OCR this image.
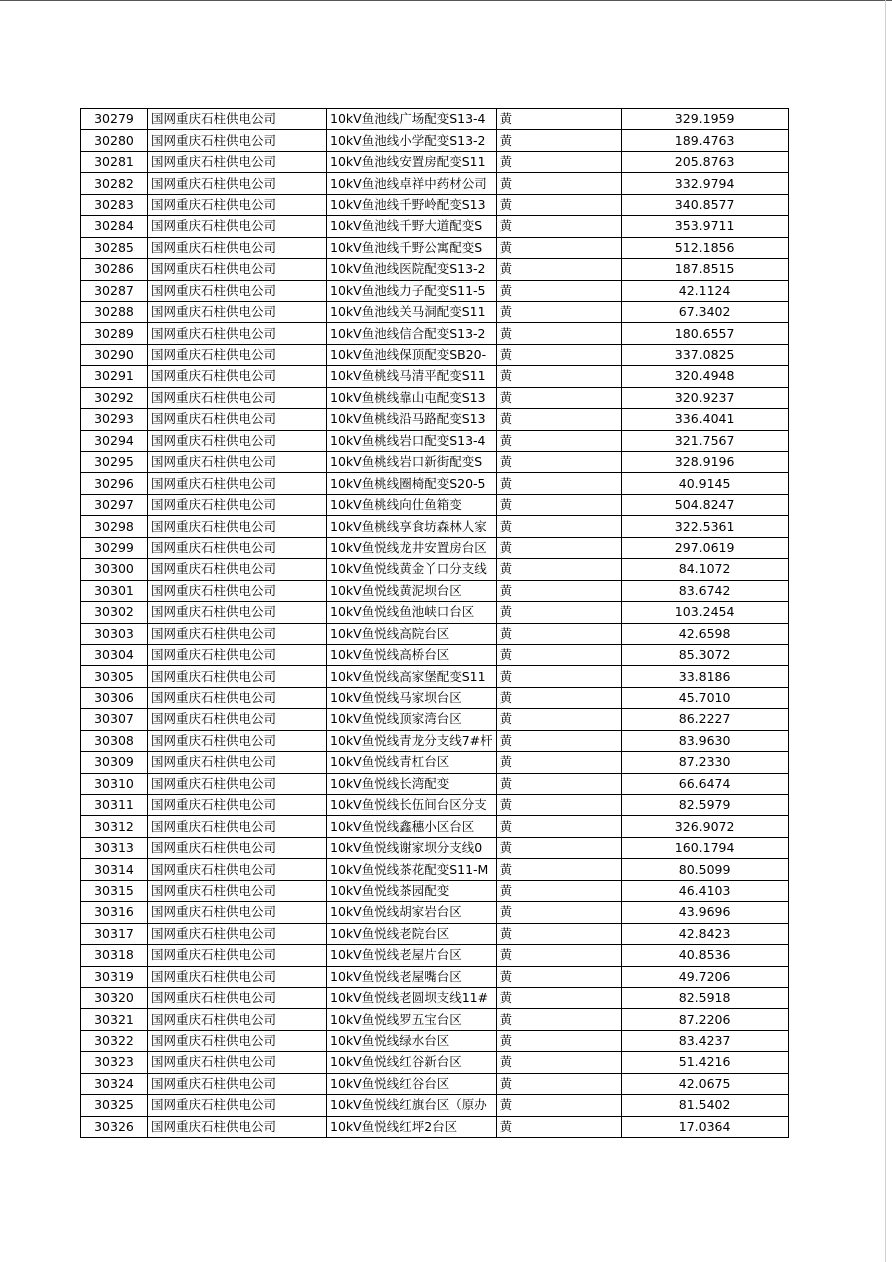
30279	国网重庆石柱供电公司	10kV鱼池线广场配变S13-4	黄	329.1959
30280	国网重庆石柱供电公司	10kV鱼池线小学配变S13-2	黄	189.4763
30281	国网重庆石柱供电公司	10kV鱼池线安置房配变S11	黄	205.8763
30282	国网重庆石柱供电公司	10kV鱼池线卓祥中药材公司	黄	332.9794
30283	国网重庆石柱供电公司	10kV鱼池线千野岭配变S13	黄	340.8577
30284	国网重庆石柱供电公司	10kV鱼池线千野大道配变S	黄	353.9711
30285	国网重庆石柱供电公司	10kV鱼池线千野公寓配变S	黄	512.1856
30286	国网重庆石柱供电公司	10kV鱼池线医院配变S13-2	黄	187.8515
30287	国网重庆石柱供电公司	10kV鱼池线力子配变S11-5	黄	42.1124
30288	国网重庆石柱供电公司	10kV鱼池线关马洞配变S11	黄	67.3402
30289	国网重庆石柱供电公司	10kV鱼池线信合配变S13-2	黄	180.6557
30290	国网重庆石柱供电公司	10kV鱼池线保顶配变SB20-	黄	337.0825
30291	国网重庆石柱供电公司	10kV鱼桃线马清平配变S11	黄	320.4948
30292	国网重庆石柱供电公司	10kV鱼桃线靠山屯配变S13	黄	320.9237
30293	国网重庆石柱供电公司	10kV鱼桃线沿马路配变S13	黄	336.4041
30294	国网重庆石柱供电公司	10kV鱼桃线岩口配变S13-4	黄	321.7567
30295	国网重庆石柱供电公司	10kV鱼桃线岩口新街配变S	黄	328.9196
30296	国网重庆石柱供电公司	10kV鱼桃线圈椅配变S20-5	黄	40.9145
30297	国网重庆石柱供电公司	10kV鱼桃线向仕鱼箱变	黄	504.8247
30298	国网重庆石柱供电公司	10kV鱼桃线享食坊森林人家	黄	322.5361
30299	国网重庆石柱供电公司	10kV鱼悦线龙井安置房台区	黄	297.0619
30300	国网重庆石柱供电公司	10kV鱼悦线黄金丫口分支线	黄	84.1072
30301	国网重庆石柱供电公司	10kV鱼悦线黄泥坝台区	黄	83.6742
30302	国网重庆石柱供电公司	10kV鱼悦线鱼池峡口台区	黄	103.2454
30303	国网重庆石柱供电公司	10kV鱼悦线高院台区	黄	42.6598
30304	国网重庆石柱供电公司	10kV鱼悦线高桥台区	黄	85.3072
30305	国网重庆石柱供电公司	10kV鱼悦线高家堡配变S11	黄	33.8186
30306	国网重庆石柱供电公司	10kV鱼悦线马家坝台区	黄	45.7010
30307	国网重庆石柱供电公司	10kV鱼悦线顶家湾台区	黄	86.2227
30308	国网重庆石柱供电公司	10kV鱼悦线青龙分支线7#杆	黄	83.9630
30309	国网重庆石柱供电公司	10kV鱼悦线青杠台区	黄	87.2330
30310	国网重庆石柱供电公司	10kV鱼悦线长湾配变	黄	66.6474
30311	国网重庆石柱供电公司	10kV鱼悦线长伍间台区分支	黄	82.5979
30312	国网重庆石柱供电公司	10kV鱼悦线鑫穗小区台区	黄	326.9072
30313	国网重庆石柱供电公司	10kV鱼悦线谢家坝分支线0	黄	160.1794
30314	国网重庆石柱供电公司	10kV鱼悦线茶花配变S11-M	黄	80.5099
30315	国网重庆石柱供电公司	10kV鱼悦线茶园配变	黄	46.4103
30316	国网重庆石柱供电公司	10kV鱼悦线胡家岩台区	黄	43.9696
30317	国网重庆石柱供电公司	10kV鱼悦线老院台区	黄	42.8423
30318	国网重庆石柱供电公司	10kV鱼悦线老屋片台区	黄	40.8536
30319	国网重庆石柱供电公司	10kV鱼悦线老屋嘴台区	黄	49.7206
30320	国网重庆石柱供电公司	10kV鱼悦线老圆坝支线11#	黄	82.5918
30321	国网重庆石柱供电公司	10kV鱼悦线罗五宝台区	黄	87.2206
30322	国网重庆石柱供电公司	10kV鱼悦线绿水台区	黄	83.4237
30323	国网重庆石柱供电公司	10kV鱼悦线红谷新台区	黄	51.4216
30324	国网重庆石柱供电公司	10kV鱼悦线红谷台区	黄	42.0675
30325	国网重庆石柱供电公司	10kV鱼悦线红旗台区（原办	黄	81.5402
30326	国网重庆石柱供电公司	10kV鱼悦线红坪2台区	黄	17.0364
